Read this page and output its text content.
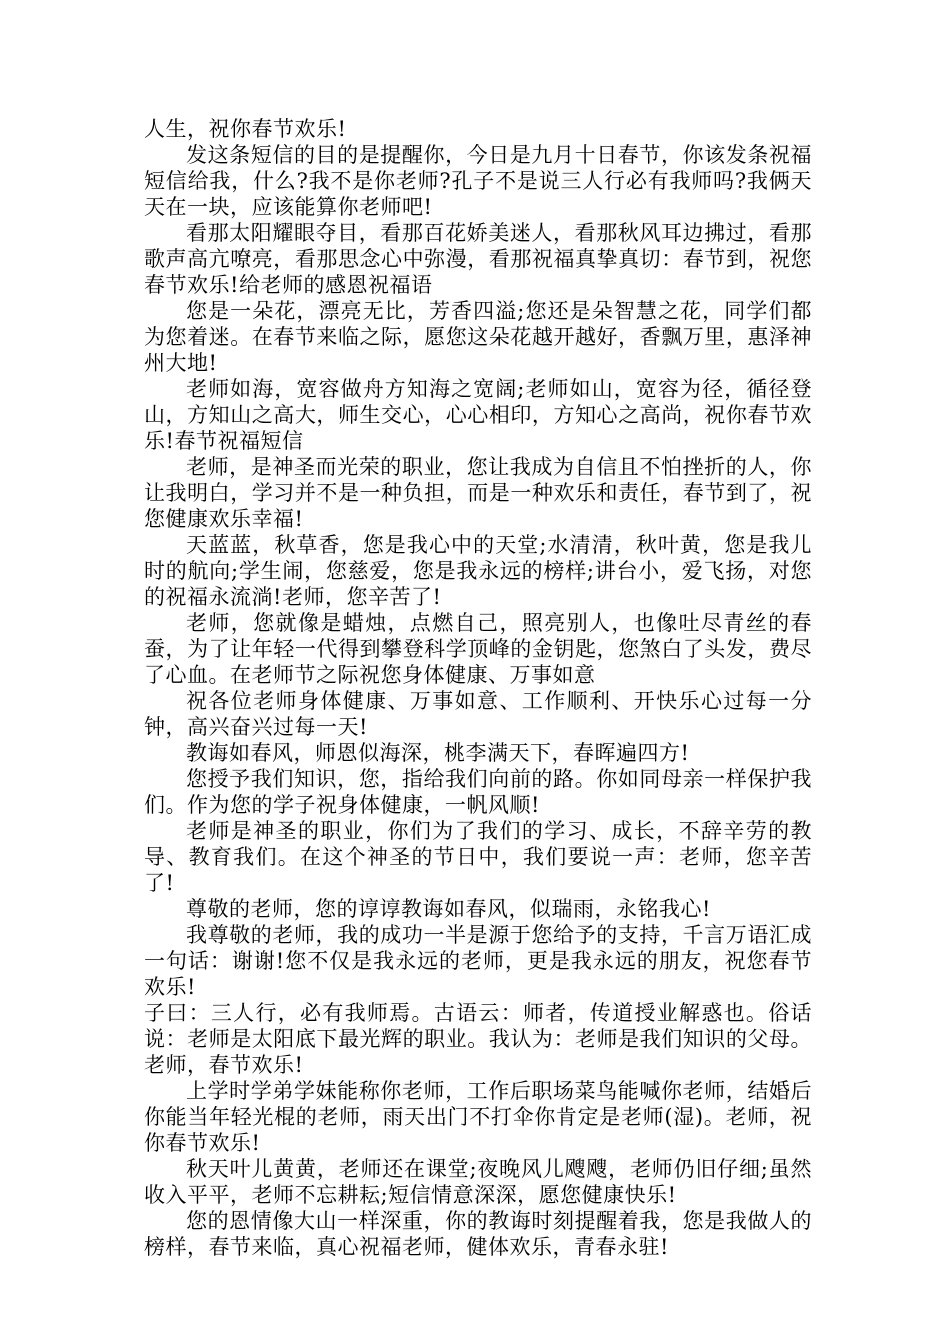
人生，祝你春节欢乐!

发这条短信的目的是提醒你，今日是九月十日春节，你该发条祝福短信给我，什么?我不是你老师?孔子不是说三人行必有我师吗?我俩天天在一块，应该能算你老师吧!

看那太阳耀眼夺目，看那百花娇美迷人，看那秋风耳边拂过，看那歌声高亢嘹亮，看那思念心中弥漫，看那祝福真挚真切：春节到，祝您春节欢乐!给老师的感恩祝福语

您是一朵花，漂亮无比，芳香四溢;您还是朵智慧之花，同学们都为您着迷。在春节来临之际，愿您这朵花越开越好，香飘万里，惠泽神州大地!

老师如海，宽容做舟方知海之宽阔;老师如山，宽容为径，循径登山，方知山之高大，师生交心，心心相印，方知心之高尚，祝你春节欢乐!春节祝福短信

老师，是神圣而光荣的职业，您让我成为自信且不怕挫折的人，你让我明白，学习并不是一种负担，而是一种欢乐和责任，春节到了，祝您健康欢乐幸福!

天蓝蓝，秋草香，您是我心中的天堂;水清清，秋叶黄，您是我儿时的航向;学生闹，您慈爱，您是我永远的榜样;讲台小，爱飞扬，对您的祝福永流淌!老师，您辛苦了!

老师，您就像是蜡烛，点燃自己，照亮别人，也像吐尽青丝的春蚕，为了让年轻一代得到攀登科学顶峰的金钥匙，您煞白了头发，费尽了心血。在老师节之际祝您身体健康、万事如意

祝各位老师身体健康、万事如意、工作顺利、开快乐心过每一分钟，高兴奋兴过每一天!

教诲如春风，师恩似海深，桃李满天下，春晖遍四方!

您授予我们知识，您，指给我们向前的路。你如同母亲一样保护我们。作为您的学子祝身体健康，一帆风顺!

老师是神圣的职业，你们为了我们的学习、成长，不辞辛劳的教导、教育我们。在这个神圣的节日中，我们要说一声：老师，您辛苦了!

尊敬的老师，您的谆谆教诲如春风，似瑞雨，永铭我心!

我尊敬的老师，我的成功一半是源于您给予的支持，千言万语汇成一句话：谢谢!您不仅是我永远的老师，更是我永远的朋友，祝您春节欢乐!

子曰：三人行，必有我师焉。古语云：师者，传道授业解惑也。俗话说：老师是太阳底下最光辉的职业。我认为：老师是我们知识的父母。老师，春节欢乐!

上学时学弟学妹能称你老师，工作后职场菜鸟能喊你老师，结婚后你能当年轻光棍的老师，雨天出门不打伞你肯定是老师(湿)。老师，祝你春节欢乐!

秋天叶儿黄黄，老师还在课堂;夜晚风儿飕飕，老师仍旧仔细;虽然收入平平，老师不忘耕耘;短信情意深深，愿您健康快乐!

您的恩情像大山一样深重，你的教诲时刻提醒着我，您是我做人的榜样，春节来临，真心祝福老师，健体欢乐，青春永驻!
